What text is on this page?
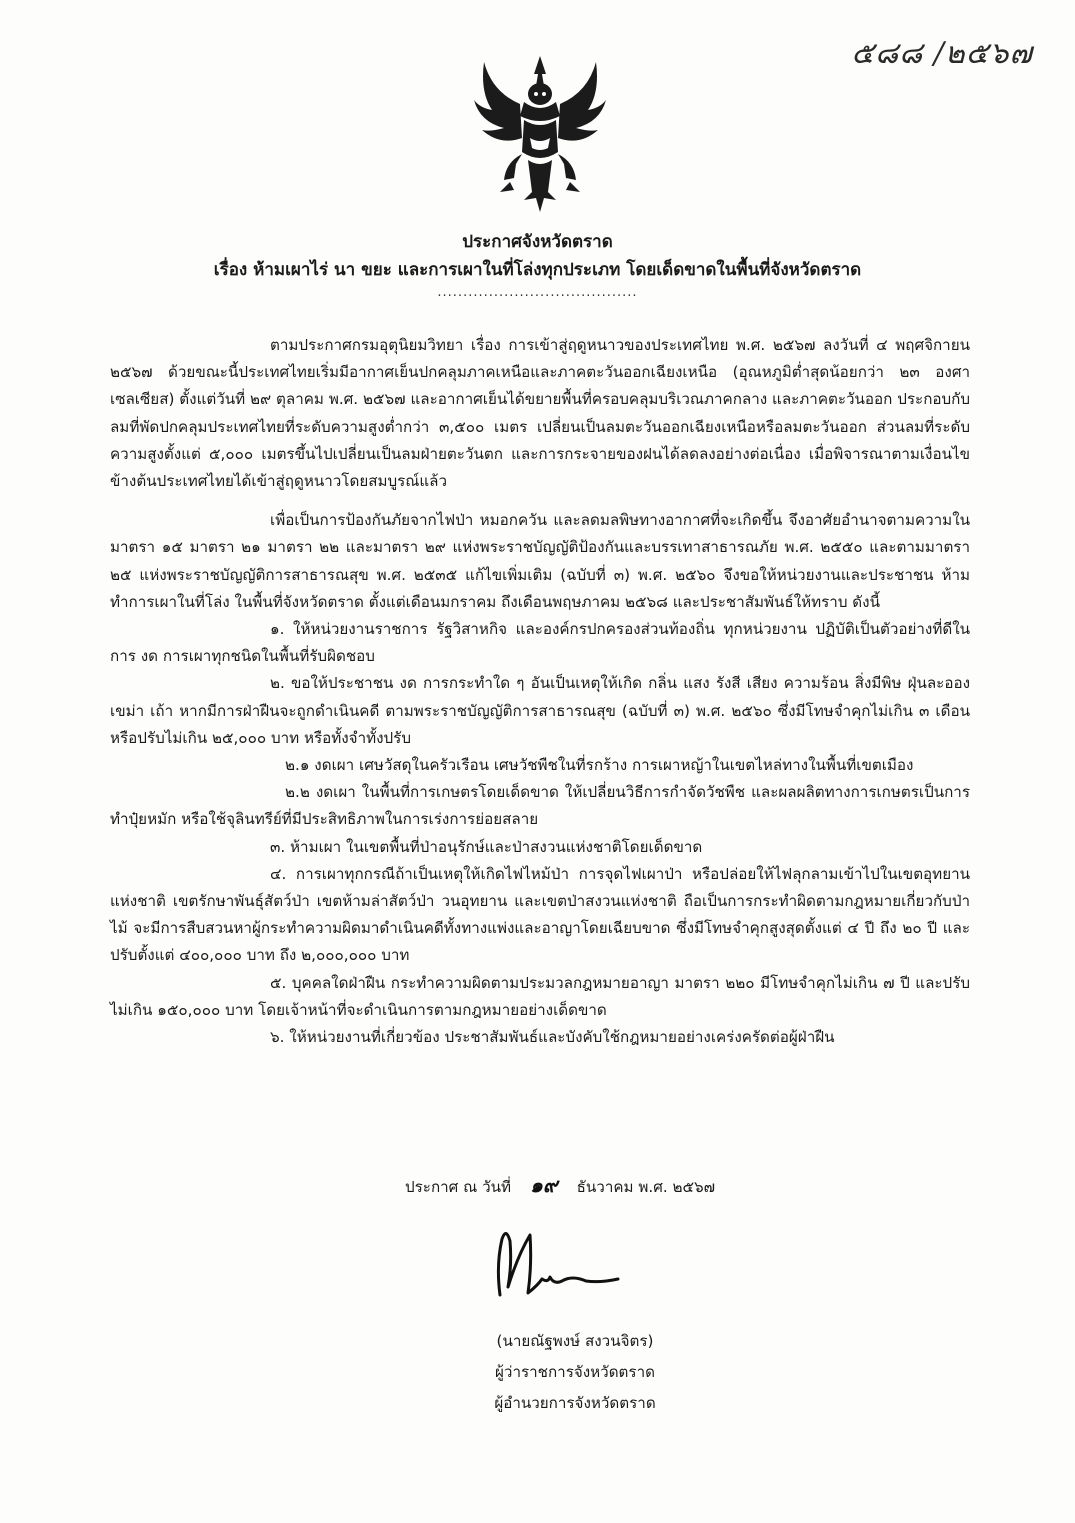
๕๘๘ /๒๕๖๗
ประกาศจังหวัดตราด
เรื่อง ห้ามเผาไร่ นา ขยะ และการเผาในที่โล่งทุกประเภท โดยเด็ดขาดในพื้นที่จังหวัดตราด
.......................................

ตามประกาศกรมอุตุนิยมวิทยา เรื่อง การเข้าสู่ฤดูหนาวของประเทศไทย พ.ศ. ๒๕๖๗ ลงวันที่ ๔ พฤศจิกายน ๒๕๖๗ ด้วยขณะนี้ประเทศไทยเริ่มมีอากาศเย็นปกคลุมภาคเหนือและภาคตะวันออกเฉียงเหนือ (อุณหภูมิต่ำสุดน้อยกว่า ๒๓ องศาเซลเซียส) ตั้งแต่วันที่ ๒๙ ตุลาคม พ.ศ. ๒๕๖๗ และอากาศเย็นได้ขยายพื้นที่ครอบคลุมบริเวณภาคกลาง และภาคตะวันออก ประกอบกับลมที่พัดปกคลุมประเทศไทยที่ระดับความสูงต่ำกว่า ๓,๕๐๐ เมตร เปลี่ยนเป็นลมตะวันออกเฉียงเหนือหรือลมตะวันออก ส่วนลมที่ระดับความสูงตั้งแต่ ๕,๐๐๐ เมตรขึ้นไปเปลี่ยนเป็นลมฝ่ายตะวันตก และการกระจายของฝนได้ลดลงอย่างต่อเนื่อง เมื่อพิจารณาตามเงื่อนไขข้างต้นประเทศไทยได้เข้าสู่ฤดูหนาวโดยสมบูรณ์แล้ว

เพื่อเป็นการป้องกันภัยจากไฟป่า หมอกควัน และลดมลพิษทางอากาศที่จะเกิดขึ้น จึงอาศัยอำนาจตามความในมาตรา ๑๕ มาตรา ๒๑ มาตรา ๒๒ และมาตรา ๒๙ แห่งพระราชบัญญัติป้องกันและบรรเทาสาธารณภัย พ.ศ. ๒๕๕๐ และตามมาตรา ๒๕ แห่งพระราชบัญญัติการสาธารณสุข พ.ศ. ๒๕๓๕ แก้ไขเพิ่มเติม (ฉบับที่ ๓) พ.ศ. ๒๕๖๐ จึงขอให้หน่วยงานและประชาชน ห้ามทำการเผาในที่โล่ง ในพื้นที่จังหวัดตราด ตั้งแต่เดือนมกราคม ถึงเดือนพฤษภาคม ๒๕๖๘ และประชาสัมพันธ์ให้ทราบ ดังนี้

๑. ให้หน่วยงานราชการ รัฐวิสาหกิจ และองค์กรปกครองส่วนท้องถิ่น ทุกหน่วยงาน ปฏิบัติเป็นตัวอย่างที่ดีในการ งด การเผาทุกชนิดในพื้นที่รับผิดชอบ

๒. ขอให้ประชาชน งด การกระทำใด ๆ อันเป็นเหตุให้เกิด กลิ่น แสง รังสี เสียง ความร้อน สิ่งมีพิษ ฝุ่นละออง เขม่า เถ้า หากมีการฝ่าฝืนจะถูกดำเนินคดี ตามพระราชบัญญัติการสาธารณสุข (ฉบับที่ ๓) พ.ศ. ๒๕๖๐ ซึ่งมีโทษจำคุกไม่เกิน ๓ เดือน หรือปรับไม่เกิน ๒๕,๐๐๐ บาท หรือทั้งจำทั้งปรับ

๒.๑ งดเผา เศษวัสดุในครัวเรือน เศษวัชพืชในที่รกร้าง การเผาหญ้าในเขตไหล่ทางในพื้นที่เขตเมือง

๒.๒ งดเผา ในพื้นที่การเกษตรโดยเด็ดขาด ให้เปลี่ยนวิธีการกำจัดวัชพืช และผลผลิตทางการเกษตรเป็นการทำปุ๋ยหมัก หรือใช้จุลินทรีย์ที่มีประสิทธิภาพในการเร่งการย่อยสลาย

๓. ห้ามเผา ในเขตพื้นที่ป่าอนุรักษ์และป่าสงวนแห่งชาติโดยเด็ดขาด

๔. การเผาทุกกรณีถ้าเป็นเหตุให้เกิดไฟไหม้ป่า การจุดไฟเผาป่า หรือปล่อยให้ไฟลุกลามเข้าไปในเขตอุทยานแห่งชาติ เขตรักษาพันธุ์สัตว์ป่า เขตห้ามล่าสัตว์ป่า วนอุทยาน และเขตป่าสงวนแห่งชาติ ถือเป็นการกระทำผิดตามกฎหมายเกี่ยวกับป่าไม้ จะมีการสืบสวนหาผู้กระทำความผิดมาดำเนินคดีทั้งทางแพ่งและอาญาโดยเฉียบขาด ซึ่งมีโทษจำคุกสูงสุดตั้งแต่ ๔ ปี ถึง ๒๐ ปี และปรับตั้งแต่ ๔๐๐,๐๐๐ บาท ถึง ๒,๐๐๐,๐๐๐ บาท

๕. บุคคลใดฝ่าฝืน กระทำความผิดตามประมวลกฎหมายอาญา มาตรา ๒๒๐ มีโทษจำคุกไม่เกิน ๗ ปี และปรับไม่เกิน ๑๕๐,๐๐๐ บาท โดยเจ้าหน้าที่จะดำเนินการตามกฎหมายอย่างเด็ดขาด

๖. ให้หน่วยงานที่เกี่ยวข้อง ประชาสัมพันธ์และบังคับใช้กฎหมายอย่างเคร่งครัดต่อผู้ฝ่าฝืน

ประกาศ ณ วันที่ ๑๙ ธันวาคม พ.ศ. ๒๕๖๗
(นายณัฐพงษ์ สงวนจิตร)
ผู้ว่าราชการจังหวัดตราด
ผู้อำนวยการจังหวัดตราด
